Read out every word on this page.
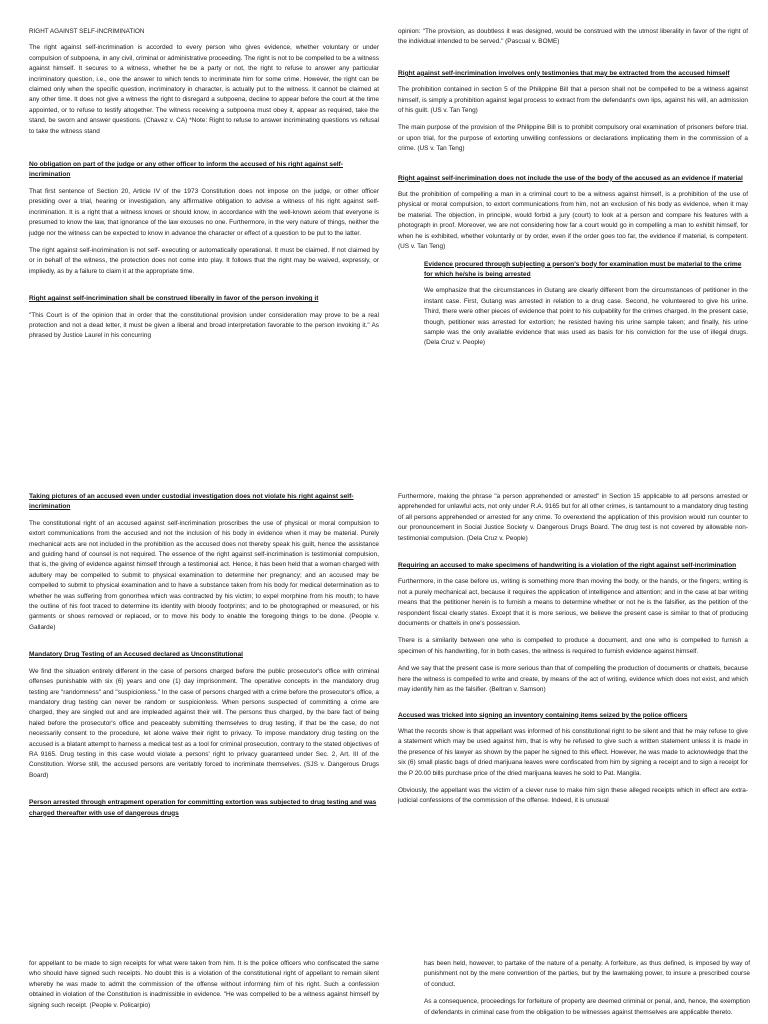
RIGHT AGAINST SELF-INCRIMINATION

The right against self-incrimination is accorded to every person who gives evidence, whether voluntary or under compulsion of subpoena, in any civil, criminal or administrative proceeding. The right is not to be compelled to be a witness against himself. It secures to a witness, whether he be a party or not, the right to refuse to answer any particular incriminatory question, i.e., one the answer to which tends to incriminate him for some crime. However, the right can be claimed only when the specific question, incriminatory in character, is actually put to the witness. It cannot be claimed at any other time. It does not give a witness the right to disregard a subpoena, decline to appear before the court at the time appointed, or to refuse to testify altogether. The witness receiving a subpoena must obey it, appear as required, take the stand, be sworn and answer questions. (Chavez v. CA) *Note: Right to refuse to answer incriminating questions vs refusal to take the witness stand

No obligation on part of the judge or any other officer to inform the accused of his right against self-incrimination

That first sentence of Section 20, Article IV of the 1973 Constitution does not impose on the judge, or other officer presiding over a trial, hearing or investigation, any affirmative obligation to advise a witness of his right against self-incrimination. It is a right that a witness knows or should know, in accordance with the well-known axiom that everyone is presumed to know the law, that ignorance of the law excuses no one. Furthermore, in the very nature of things, neither the judge nor the witness can be expected to know in advance the character or effect of a question to be put to the latter.

The right against self-incrimination is not self- executing or automatically operational. It must be claimed. If not claimed by or in behalf of the witness, the protection does not come into play. It follows that the right may be waived, expressly, or impliedly, as by a failure to claim it at the appropriate time.

Right against self-incrimination shall be construed liberally in favor of the person invoking it

"This Court is of the opinion that in order that the constitutional provision under consideration may prove to be a real protection and not a dead letter, it must be given a liberal and broad interpretation favorable to the person invoking it." As phrased by Justice Laurel in his concurring

opinion: "The provision, as doubtless it was designed, would be construed with the utmost liberality in favor of the right of the individual intended to be served." (Pascual v. BOME)

Right against self-incrimination involves only testimonies that may be extracted from the accused himself

The prohibition contained in section 5 of the Philippine Bill that a person shall not be compelled to be a witness against himself, is simply a prohibition against legal process to extract from the defendant's own lips, against his will, an admission of his guilt. (US v. Tan Teng)

The main purpose of the provision of the Philippine Bill is to prohibit compulsory oral examination of prisoners before trial. or upon trial, for the purpose of extorting unwilling confessions or declarations implicating them in the commission of a crime. (US v. Tan Teng)

Right against self-incrimination does not include the use of the body of the accused as an evidence if material

But the prohibition of compelling a man in a criminal court to be a witness against himself, is a prohibition of the use of physical or moral compulsion, to extort communications from him, not an exclusion of his body as evidence, when it may be material. The objection, in principle, would forbid a jury (court) to look at a person and compare his features with a photograph in proof. Moreover, we are not considering how far a court would go in compelling a man to exhibit himself, for when he is exhibited, whether voluntarily or by order, even if the order goes too far, the evidence if material, is competent. (US v. Tan Teng)

Evidence procured through subjecting a person's body for examination must be material to the crime for which he/she is being arrested

We emphasize that the circumstances in Gutang are clearly different from the circumstances of petitioner in the instant case. First, Gutang was arrested in relation to a drug case. Second, he volunteered to give his urine. Third, there were other pieces of evidence that point to his culpability for the crimes charged. In the present case, though, petitioner was arrested for extortion; he resisted having his urine sample taken; and finally, his urine sample was the only available evidence that was used as basis for his conviction for the use of illegal drugs. (Dela Cruz v. People)

Taking pictures of an accused even under custodial investigation does not violate his right against self-incrimination

The constitutional right of an accused against self-incrimination proscribes the use of physical or moral compulsion to extort communications from the accused and not the inclusion of his body in evidence when it may be material. Purely mechanical acts are not included in the prohibition as the accused does not thereby speak his guilt, hence the assistance and guiding hand of counsel is not required. The essence of the right against self-incrimination is testimonial compulsion, that is, the giving of evidence against himself through a testimonial act. Hence, it has been held that a woman charged with adultery may be compelled to submit to physical examination to determine her pregnancy; and an accused may be compelled to submit to physical examination and to have a substance taken from his body for medical determination as to whether he was suffering from gonorrhea which was contracted by his victim; to expel morphine from his mouth; to have the outline of his foot traced to determine its identity with bloody footprints; and to be photographed or measured, or his garments or shoes removed or replaced, or to move his body to enable the foregoing things to be done. (People v. Gallarde)

Mandatory Drug Testing of an Accused declared as Unconstitutional

We find the situation entirely different in the case of persons charged before the public prosecutor's office with criminal offenses punishable with six (6) years and one (1) day imprisonment. The operative concepts in the mandatory drug testing are "randomness" and "suspicionless." In the case of persons charged with a crime before the prosecutor's office, a mandatory drug testing can never be random or suspicionless. When persons suspected of committing a crime are charged, they are singled out and are impleaded against their will. The persons thus charged, by the bare fact of being haled before the prosecutor's office and peaceably submitting themselves to drug testing, if that be the case, do not necessarily consent to the procedure, let alone waive their right to privacy. To impose mandatory drug testing on the accused is a blatant attempt to harness a medical test as a tool for criminal prosecution, contrary to the stated objectives of RA 9165. Drug testing in this case would violate a persons' right to privacy guaranteed under Sec. 2, Art. III of the Constitution. Worse still, the accused persons are veritably forced to incriminate themselves. (SJS v. Dangerous Drugs Board)

Person arrested through entrapment operation for committing extortion was subjected to drug testing and was charged thereafter with use of dangerous drugs

Furthermore, making the phrase "a person apprehended or arrested" in Section 15 applicable to all persons arrested or apprehended for unlawful acts, not only under R.A. 9165 but for all other crimes, is tantamount to a mandatory drug testing of all persons apprehended or arrested for any crime. To overextend the application of this provision would run counter to our pronouncement in Social Justice Society v. Dangerous Drugs Board. The drug test is not covered by allowable non-testimonial compulsion. (Dela Cruz v. People)

Requiring an accused to make specimens of handwriting is a violation of the right against self-incrimination

Furthermore, in the case before us, writing is something more than moving the body, or the hands, or the fingers; writing is not a purely mechanical act, because it requires the application of intelligence and attention; and in the case at bar writing means that the petitioner herein is to furnish a means to determine whether or not he is the falsifier, as the petition of the respondent fiscal clearly states. Except that it is more serious, we believe the present case is similar to that of producing documents or chattels in one's possession.

There is a similarity between one who is compelled to produce a document, and one who is compelled to furnish a specimen of his handwriting, for in both cases, the witness is required to furnish evidence against himself.

And we say that the present case is more serious than that of compelling the production of documents or chattels, because here the witness is compelled to write and create, by means of the act of writing, evidence which does not exist, and which may identify him as the falsifier. (Beltran v. Samson)

Accused was tricked into signing an inventory containing items seized by the police officers

What the records show is that appellant was informed of his constitutional right to be silent and that he may refuse to give a statement which may be used against him, that is why he refused to give such a written statement unless it is made in the presence of his lawyer as shown by the paper he signed to this effect. However, he was made to acknowledge that the six (6) small plastic bags of dried marijuana leaves were confiscated from him by signing a receipt and to sign a receipt for the P 20.00 bills purchase price of the dried marijuana leaves he sold to Pat. Mangila.

Obviously, the appellant was the victim of a clever ruse to make him sign these alleged receipts which in effect are extra-judicial confessions of the commission of the offense. Indeed, it is unusual

for appellant to be made to sign receipts for what were taken from him. It is the police officers who confiscated the same who should have signed such receipts. No doubt this is a violation of the constitutional right of appellant to remain silent whereby he was made to admit the commission of the offense without informing him of his right. Such a confession obtained in violation of the Constitution is inadmissible in evidence. "He was compelled to be a witness against himself by signing such receipt. (People v. Policarpio)

has been held, however, to partake of the nature of a penalty. A forfeiture, as thus defined, is imposed by way of punishment not by the mere convention of the parties, but by the lawmaking power, to insure a prescribed course of conduct.

As a consequence, proceedings for forfeiture of property are deemed criminal or penal, and, hence, the exemption of defendants in criminal case from the obligation to be witnesses against themselves are applicable thereto.
